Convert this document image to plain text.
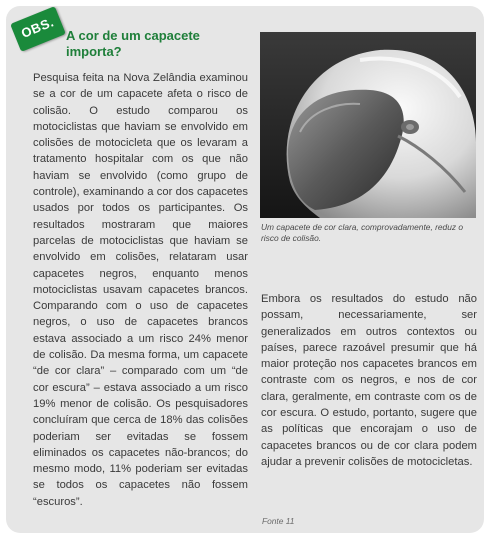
OBS. A cor de um capacete importa?
Pesquisa feita na Nova Zelândia examinou se a cor de um capacete afeta o risco de colisão. O estudo comparou os motociclistas que haviam se envolvido em colisões de motocicleta que os levaram a tratamento hospitalar com os que não haviam se envolvido (como grupo de controle), examinando a cor dos capacetes usados por todos os participantes. Os resultados mostraram que maiores parcelas de motociclistas que haviam se envolvido em colisões, relataram usar capacetes negros, enquanto menos motociclistas usavam capacetes brancos. Comparando com o uso de capacetes negros, o uso de capacetes brancos estava associado a um risco 24% menor de colisão. Da mesma forma, um capacete “de cor clara” – comparado com um “de cor escura” – estava associado a um risco 19% menor de colisão. Os pesquisadores concluíram que cerca de 18% das colisões poderiam ser evitadas se fossem eliminados os capacetes não-brancos; do mesmo modo, 11% poderiam ser evitadas se todos os capacetes não fossem “escuros”.
Um capacete de cor clara, comprovadamente, reduz o risco de colisão.
Embora os resultados do estudo não possam, necessariamente, ser generalizados em outros contextos ou países, parece razoável presumir que há maior proteção nos capacetes brancos em contraste com os negros, e nos de cor clara, geralmente, em contraste com os de cor escura. O estudo, portanto, sugere que as políticas que encorajam o uso de capacetes brancos ou de cor clara podem ajudar a prevenir colisões de motocicletas.
Fonte 11
